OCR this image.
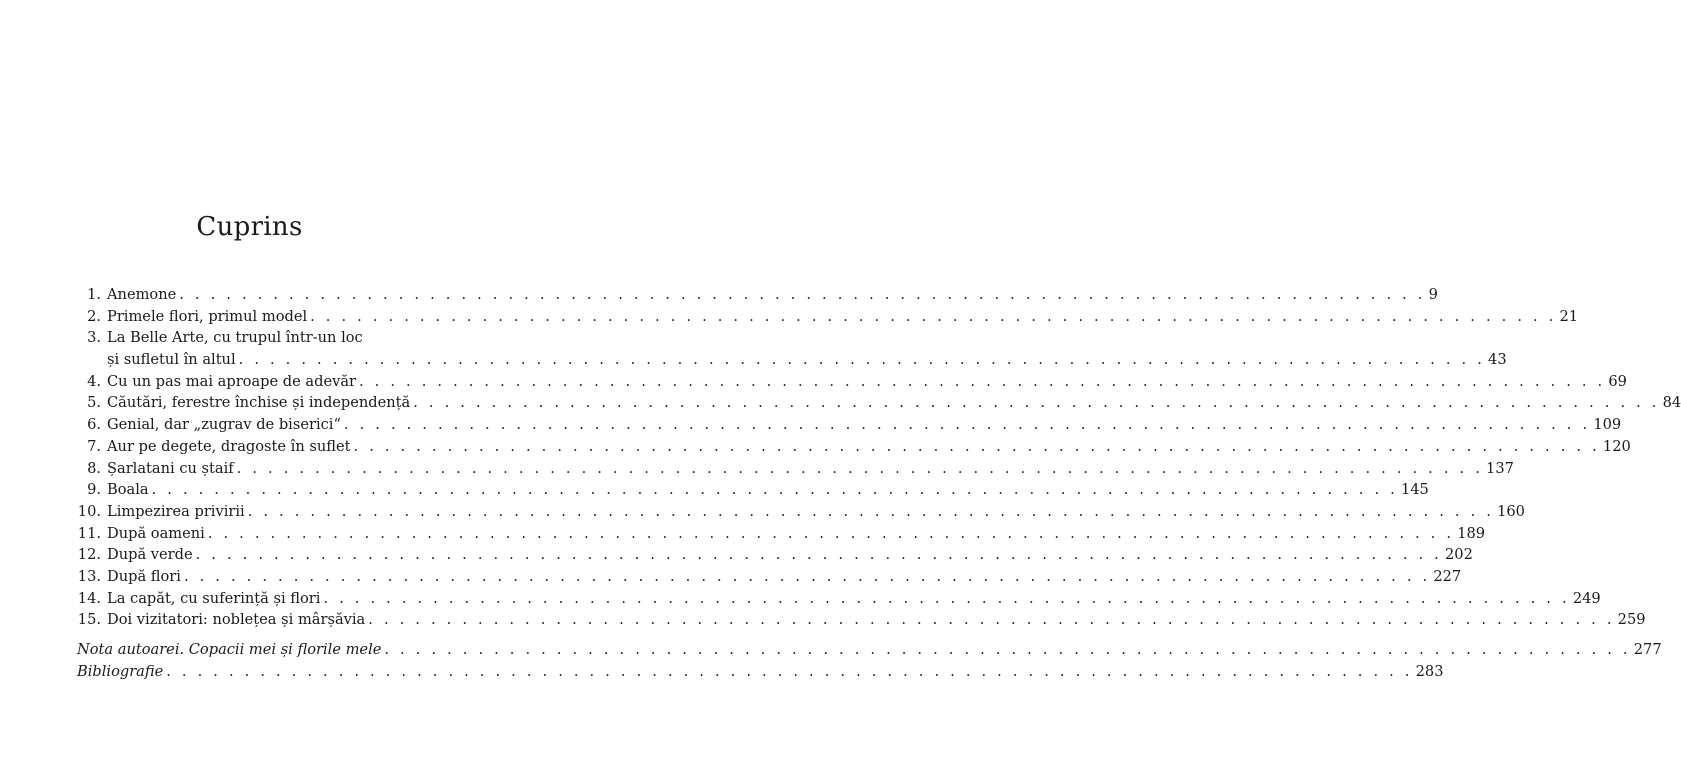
Cuprins
1. Anemone . . . . . . . . . . . . . . . . . . . . . . . . . . . . . . . . . . . . . . . . . . . . . . . . . . . . . . . . . . . . . . . . . . . . . . . . . . . . . . . . 9
2. Primele flori, primul model . . . . . . . . . . . . . . . . . . . . . . . . . . . . . . . . . . . . . . . . . . . . . . . . . . . . . . . . . . . . . . . . . . . . . . . . . . . . . . . . 21
3. La Belle Arte, cu trupul într-un loc
și sufletul în altul . . . . . . . . . . . . . . . . . . . . . . . . . . . . . . . . . . . . . . . . . . . . . . . . . . . . . . . . . . . . . . . . . . . . . . . . . . . . . . . . 43
4. Cu un pas mai aproape de adevăr . . . . . . . . . . . . . . . . . . . . . . . . . . . . . . . . . . . . . . . . . . . . . . . . . . . . . . . . . . . . . . . . . . . . . . . . . . . . . . . . 69
5. Căutări, ferestre închise și independență . . . . . . . . . . . . . . . . . . . . . . . . . . . . . . . . . . . . . . . . . . . . . . . . . . . . . . . . . . . . . . . . . . . . . . . . . . . . . . . . 84
6. Genial, dar „zugrav de biserici“ . . . . . . . . . . . . . . . . . . . . . . . . . . . . . . . . . . . . . . . . . . . . . . . . . . . . . . . . . . . . . . . . . . . . . . . . . . . . . . . . 109
7. Aur pe degete, dragoste în suflet . . . . . . . . . . . . . . . . . . . . . . . . . . . . . . . . . . . . . . . . . . . . . . . . . . . . . . . . . . . . . . . . . . . . . . . . . . . . . . . . 120
8. Șarlatani cu ștaif . . . . . . . . . . . . . . . . . . . . . . . . . . . . . . . . . . . . . . . . . . . . . . . . . . . . . . . . . . . . . . . . . . . . . . . . . . . . . . . . 137
9. Boala . . . . . . . . . . . . . . . . . . . . . . . . . . . . . . . . . . . . . . . . . . . . . . . . . . . . . . . . . . . . . . . . . . . . . . . . . . . . . . . . 145
10. Limpezirea privirii . . . . . . . . . . . . . . . . . . . . . . . . . . . . . . . . . . . . . . . . . . . . . . . . . . . . . . . . . . . . . . . . . . . . . . . . . . . . . . . . 160
11. După oameni . . . . . . . . . . . . . . . . . . . . . . . . . . . . . . . . . . . . . . . . . . . . . . . . . . . . . . . . . . . . . . . . . . . . . . . . . . . . . . . . 189
12. După verde . . . . . . . . . . . . . . . . . . . . . . . . . . . . . . . . . . . . . . . . . . . . . . . . . . . . . . . . . . . . . . . . . . . . . . . . . . . . . . . . 202
13. După flori . . . . . . . . . . . . . . . . . . . . . . . . . . . . . . . . . . . . . . . . . . . . . . . . . . . . . . . . . . . . . . . . . . . . . . . . . . . . . . . . 227
14. La capăt, cu suferință și flori . . . . . . . . . . . . . . . . . . . . . . . . . . . . . . . . . . . . . . . . . . . . . . . . . . . . . . . . . . . . . . . . . . . . . . . . . . . . . . . . 249
15. Doi vizitatori: noblețea și mârșăvia . . . . . . . . . . . . . . . . . . . . . . . . . . . . . . . . . . . . . . . . . . . . . . . . . . . . . . . . . . . . . . . . . . . . . . . . . . . . . . . . 259
Nota autoarei. Copacii mei și florile mele . . . . . . . . . . . . . . . . . . . . . . . . . . . . . . . . . . . . . . . . . . . . . . . . . . . . . . . . . . . . . . . . . . . . . . . . . . . . . . . . 277
Bibliografie . . . . . . . . . . . . . . . . . . . . . . . . . . . . . . . . . . . . . . . . . . . . . . . . . . . . . . . . . . . . . . . . . . . . . . . . . . . . . . . . 283
